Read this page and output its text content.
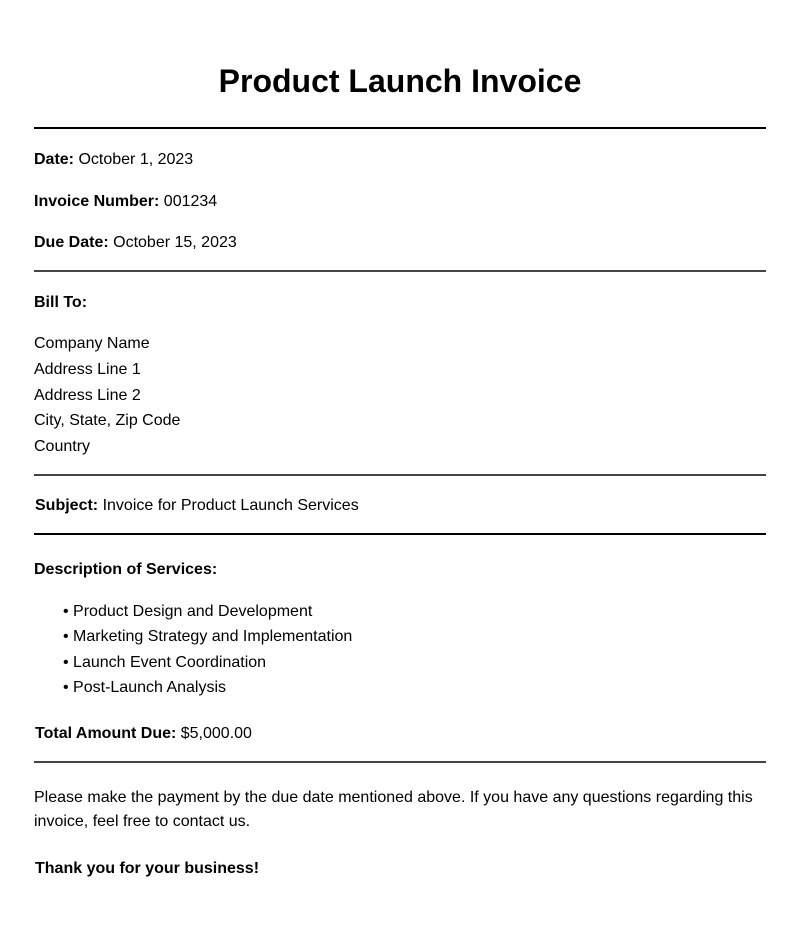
Product Launch Invoice
Date: October 1, 2023
Invoice Number: 001234
Due Date: October 15, 2023
Bill To:
Company Name
Address Line 1
Address Line 2
City, State, Zip Code
Country
Subject: Invoice for Product Launch Services
Description of Services:
• Product Design and Development
• Marketing Strategy and Implementation
• Launch Event Coordination
• Post-Launch Analysis
Total Amount Due: $5,000.00
Please make the payment by the due date mentioned above. If you have any questions regarding this invoice, feel free to contact us.
Thank you for your business!
